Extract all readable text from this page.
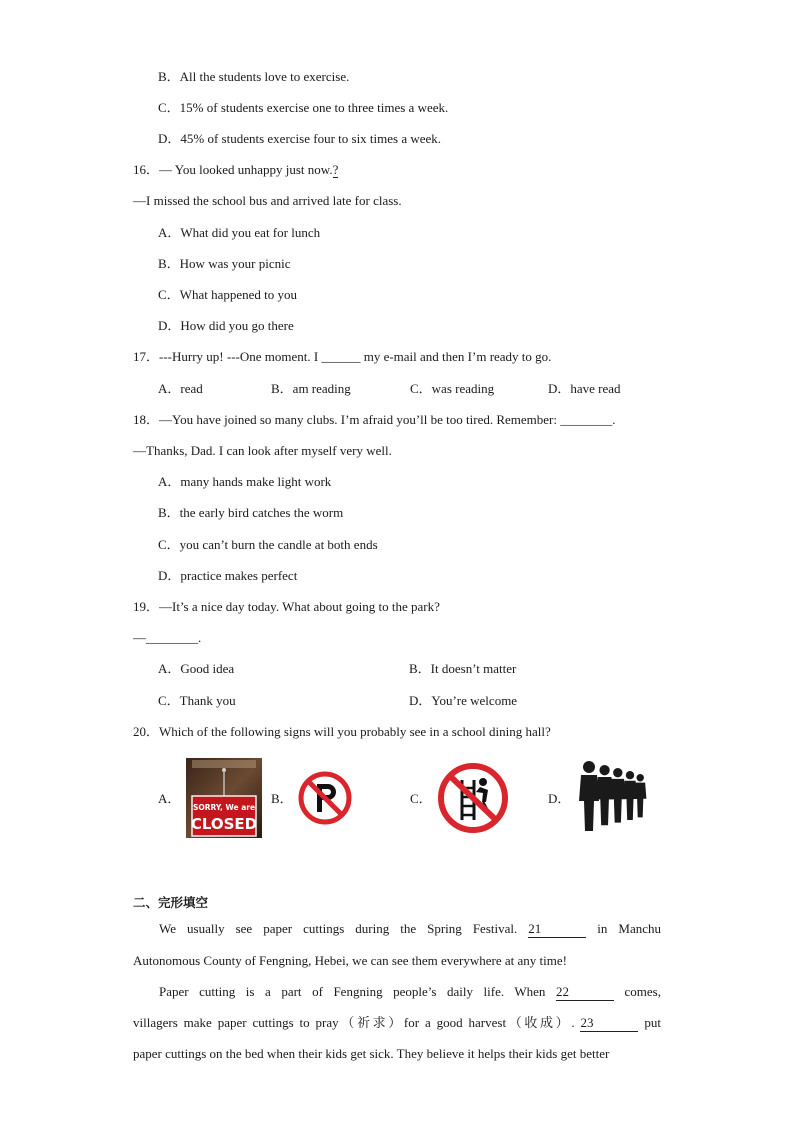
B．All the students love to exercise.
C．15% of students exercise one to three times a week.
D．45% of students exercise four to six times a week.
16．— You looked unhappy just now.?
—I missed the school bus and arrived late for class.
A．What did you eat for lunch
B．How was your picnic
C．What happened to you
D．How did you go there
17．---Hurry up! ---One moment. I ______ my e-mail and then I’m ready to go.
A．read	B．am reading	C．was reading	D．have read
18．—You have joined so many clubs. I’m afraid you’ll be too tired. Remember: ________.
—Thanks, Dad. I can look after myself very well.
A．many hands make light work
B．the early bird catches the worm
C．you can’t burn the candle at both ends
D．practice makes perfect
19．—It’s a nice day today. What about going to the park?
—________.
A．Good idea	B．It doesn’t matter
C．Thank you	D．You’re welcome
20．Which of the following signs will you probably see in a school dining hall?
A．	B．	C．	D．
SORRY, We are
CLOSED
二、完形填空
We usually see paper cuttings during the Spring Festival. 21	in Manchu
Autonomous County of Fengning, Hebei, we can see them everywhere at any time!
Paper cutting is a part of Fengning people’s daily life. When 22	comes,
villagers make paper cuttings to pray（祈求）for a good harvest（收成）. 23	put
paper cuttings on the bed when their kids get sick. They believe it helps their kids get better
